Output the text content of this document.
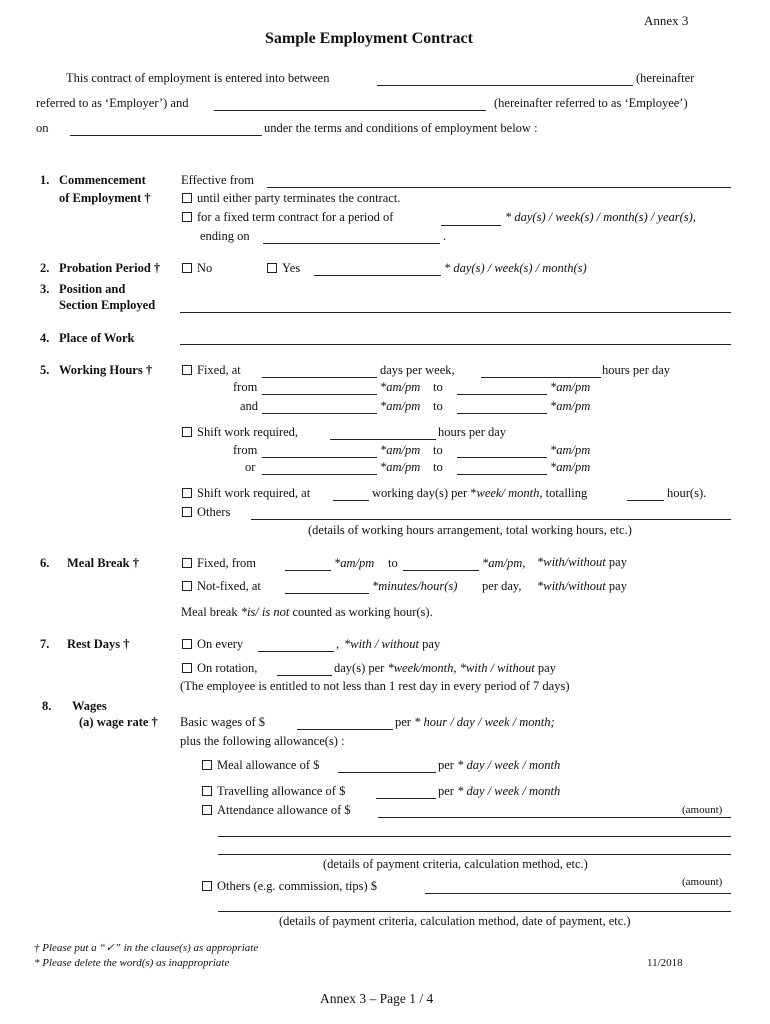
Annex 3
Sample Employment Contract
This contract of employment is entered into between	(hereinafter
referred to as ‘Employer’) and	(hereinafter referred to as ‘Employee’)
on	under the terms and conditions of employment below :
1. Commencement
of Employment †
Effective from
until either party terminates the contract.
for a fixed term contract for a period of	* day(s) / week(s) / month(s) / year(s),
ending on	.
2. Probation Period †	No	Yes	* day(s) / week(s) / month(s)
3. Position and
Section Employed
4. Place of Work
5. Working Hours †	Fixed, at	days per week,	hours per day
from	*am/pm to	*am/pm
and	*am/pm to	*am/pm
Shift work required,	hours per day
from	*am/pm to	*am/pm
or	*am/pm to	*am/pm
Shift work required, at	working day(s) per *week/ month, totalling	hour(s).
Others
(details of working hours arrangement, total working hours, etc.)
6. Meal Break †	Fixed, from	*am/pm to	*am/pm, *with/without pay
Not-fixed, at	*minutes/hour(s) per day, *with/without pay
Meal break *is/ is not counted as working hour(s).
7. Rest Days †	On every	, *with / without pay
On rotation,	day(s) per *week/month, *with / without pay
(The employee is entitled to not less than 1 rest day in every period of 7 days)
8. Wages
(a) wage rate † Basic wages of $	per * hour / day / week / month;
plus the following allowance(s) :
Meal allowance of $	per * day / week / month
Travelling allowance of $	per * day / week / month
Attendance allowance of $	(amount)
(details of payment criteria, calculation method, etc.)
Others (e.g. commission, tips) $	(amount)
(details of payment criteria, calculation method, date of payment, etc.)
† Please put a “✓” in the clause(s) as appropriate
* Please delete the word(s) as inappropriate	11/2018
Annex 3 – Page 1 / 4
